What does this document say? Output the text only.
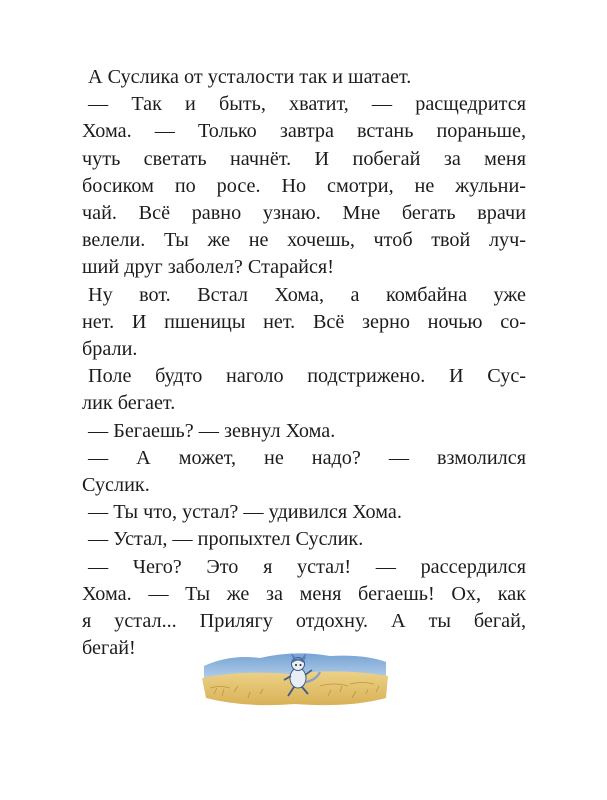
А Суслика от усталости так и шатает.

— Так и быть, хватит, — расщедрится
Хома. — Только завтра встань пораньше,
чуть светать начнёт. И побегай за меня
босиком по росе. Но смотри, не жульни-
чай. Всё равно узнаю. Мне бегать врачи
велели. Ты же не хочешь, чтоб твой луч-
ший друг заболел? Старайся!

Ну вот. Встал Хома, а комбайна уже
нет. И пшеницы нет. Всё зерно ночью со-
брали.

Поле будто наголо подстрижено. И Сус-
лик бегает.

— Бегаешь? — зевнул Хома.

— А может, не надо? — взмолился
Суслик.

— Ты что, устал? — удивился Хома.

— Устал, — пропыхтел Суслик.

— Чего? Это я устал! — рассердился
Хома. — Ты же за меня бегаешь! Ох, как
я устал... Прилягу отдохну. А ты бегай,
бегай!
